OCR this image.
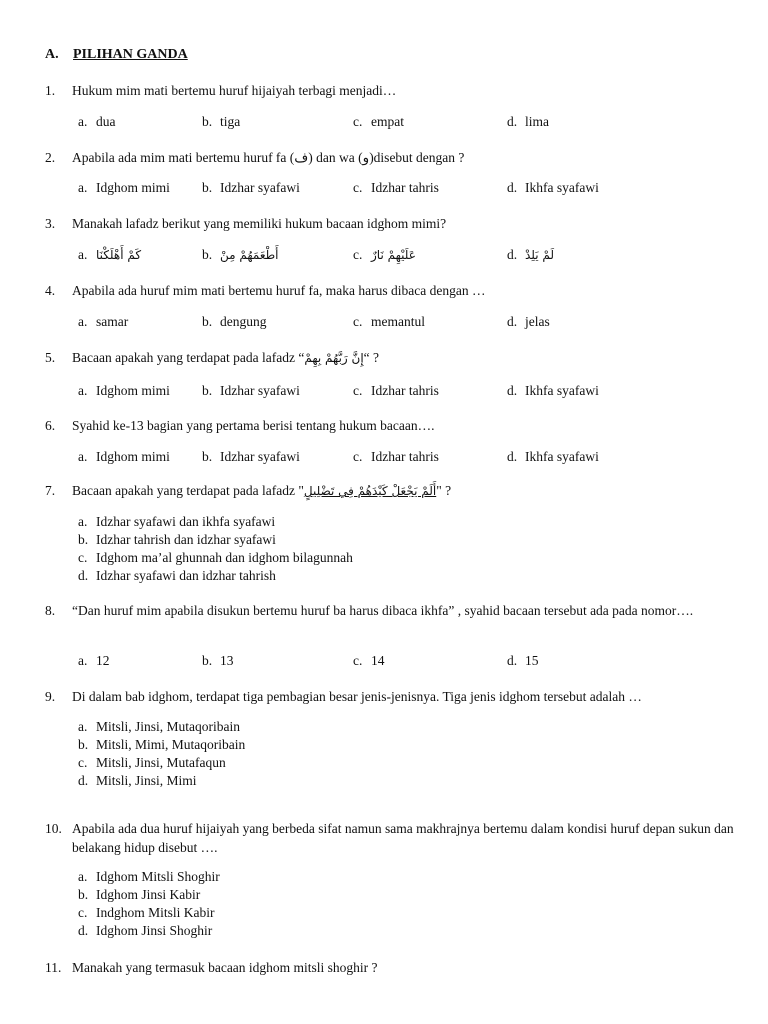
A. PILIHAN GANDA
1. Hukum mim mati bertemu huruf hijaiyah terbagi menjadi…
a. dua	b. tiga	c. empat	d. lima
2. Apabila ada mim mati bertemu huruf fa (ف) dan wa (و)disebut dengan ?
a. Idghom mimi b. Idzhar syafawi	c. Idzhar tahris	d. Ikhfa syafawi
3. Manakah lafadz berikut yang memiliki hukum bacaan idghom mimi?
a. كَمْ أَهْلَكْنَا	b. أَطْعَمَهُمْ مِنْ	c. عَلَيْهِمْ نَارٌ	d. لَمْ يَلِدْ
4. Apabila ada huruf mim mati bertemu huruf fa, maka harus dibaca dengan …
a. samar	b. dengung	c. memantul	d. jelas
5. Bacaan apakah yang terdapat pada lafadz “إِنَّ رَبَّهُمْ بِهِمْ“ ?
a. Idghom mimi b. Idzhar syafawi	c. Idzhar tahris	d. Ikhfa syafawi
6. Syahid ke-13 bagian yang pertama berisi tentang hukum bacaan….
a. Idghom mimi b. Idzhar syafawi	c. Idzhar tahris	d. Ikhfa syafawi
7. Bacaan apakah yang terdapat pada lafadz "أَلَمْ يَجْعَلْ كَيْدَهُمْ فِي تَضْلِيلٍ" ?
a. Idzhar syafawi dan ikhfa syafawi
b. Idzhar tahrish dan idzhar syafawi
c. Idghom ma’al ghunnah dan idghom bilagunnah
d. Idzhar syafawi dan idzhar tahrish
8. “Dan huruf mim apabila disukun bertemu huruf ba harus dibaca ikhfa” , syahid bacaan tersebut ada pada nomor….
a. 12	b. 13	c. 14	d. 15
9. Di dalam bab idghom, terdapat tiga pembagian besar jenis-jenisnya. Tiga jenis idghom tersebut adalah …
a. Mitsli, Jinsi, Mutaqoribain
b. Mitsli, Mimi, Mutaqoribain
c. Mitsli, Jinsi, Mutafaqun
d. Mitsli, Jinsi, Mimi
10. Apabila ada dua huruf hijaiyah yang berbeda sifat namun sama makhrajnya bertemu dalam kondisi huruf depan sukun dan belakang hidup disebut ….
a. Idghom Mitsli Shoghir
b. Idghom Jinsi Kabir
c. Indghom Mitsli Kabir
d. Idghom Jinsi Shoghir
11. Manakah yang termasuk bacaan idghom mitsli shoghir ?
